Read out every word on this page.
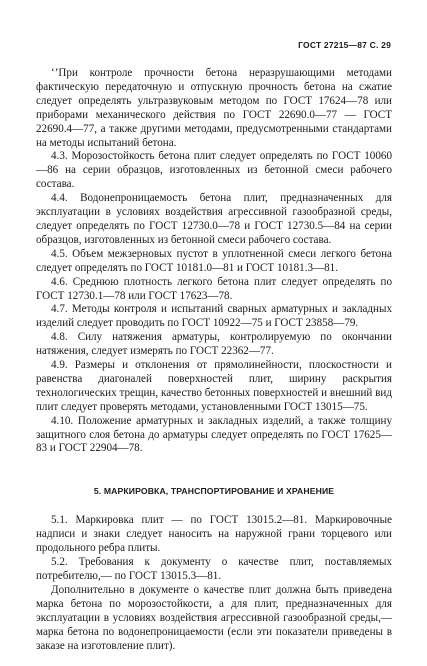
ГОСТ 27215—87 С. 29

‘’При контроле прочности бетона неразрушающими методами фактическую передаточную и отпускную прочность бетона на сжатие следует определять ультразвуковым методом по ГОСТ 17624—78 или приборами механического действия по ГОСТ 22690.0—77 — ГОСТ 22690.4—77, а также другими методами, предусмотренными стандартами на методы испытаний бетона.

4.3. Морозостойкость бетона плит следует определять по ГОСТ 10060—86 на серии образцов, изготовленных из бетонной смеси рабочего состава.

4.4. Водонепроницаемость бетона плит, предназначенных для эксплуатации в условиях воздействия агрессивной газообразной среды, следует определять по ГОСТ 12730.0—78 и ГОСТ 12730.5—84 на серии образцов, изготовленных из бетонной смеси рабочего состава.

4.5. Объем межзерновых пустот в уплотненной смеси легкого бетона следует определять по ГОСТ 10181.0—81 и ГОСТ 10181.3—81.

4.6. Среднюю плотность легкого бетона плит следует определять по ГОСТ 12730.1—78 или ГОСТ 17623—78.

4.7. Методы контроля и испытаний сварных арматурных и закладных изделий следует проводить по ГОСТ 10922—75 и ГОСТ 23858—79.

4.8. Силу натяжения арматуры, контролируемую по окончании натяжения, следует измерять по ГОСТ 22362—77.

4.9. Размеры и отклонения от прямолинейности, плоскостности и равенства диагоналей поверхностей плит, ширину раскрытия технологических трещин, качество бетонных поверхностей и внешний вид плит следует проверять методами, установленными ГОСТ 13015—75.

4.10. Положение арматурных и закладных изделий, а также толщину защитного слоя бетона до арматуры следует определять по ГОСТ 17625—83 и ГОСТ 22904—78.

5. МАРКИРОВКА, ТРАНСПОРТИРОВАНИЕ И ХРАНЕНИЕ

5.1. Маркировка плит — по ГОСТ 13015.2—81. Маркировочные надписи и знаки следует наносить на наружной грани торцевого или продольного ребра плиты.

5.2. Требования к документу о качестве плит, поставляемых потребителю,— по ГОСТ 13015.3—81.

Дополнительно в документе о качестве плит должна быть приведена марка бетона по морозостойкости, а для плит, предназначенных для эксплуатации в условиях воздействия агрессивной газообразной среды,— марка бетона по водонепроницаемости (если эти показатели приведены в заказе на изготовление плит).
